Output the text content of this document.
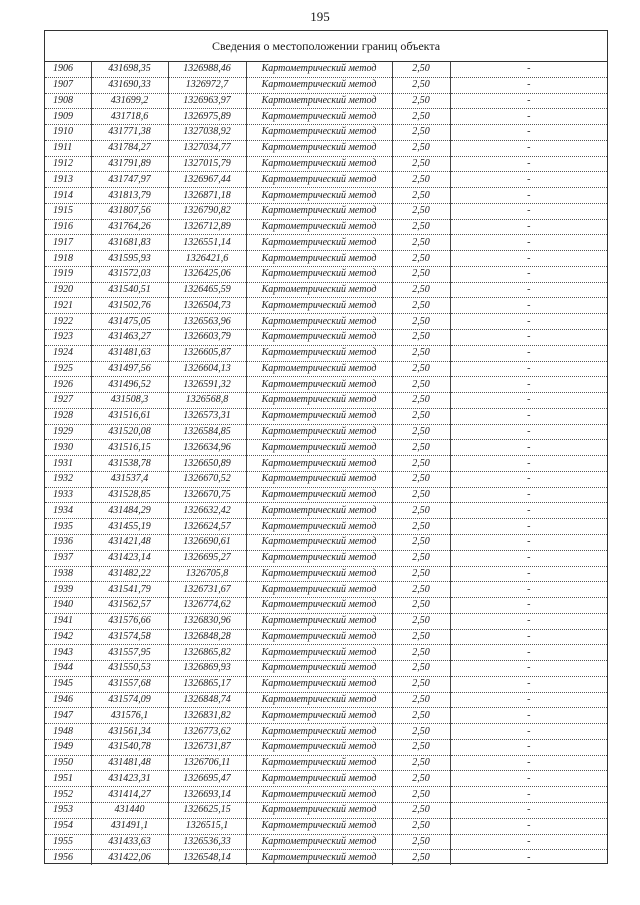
195
Сведения о местоположении границ объекта
1906	431698,35	1326988,46	Картометрический метод	2,50	-
1907	431690,33	1326972,7	Картометрический метод	2,50	-
1908	431699,2	1326963,97	Картометрический метод	2,50	-
1909	431718,6	1326975,89	Картометрический метод	2,50	-
1910	431771,38	1327038,92	Картометрический метод	2,50	-
1911	431784,27	1327034,77	Картометрический метод	2,50	-
1912	431791,89	1327015,79	Картометрический метод	2,50	-
1913	431747,97	1326967,44	Картометрический метод	2,50	-
1914	431813,79	1326871,18	Картометрический метод	2,50	-
1915	431807,56	1326790,82	Картометрический метод	2,50	-
1916	431764,26	1326712,89	Картометрический метод	2,50	-
1917	431681,83	1326551,14	Картометрический метод	2,50	-
1918	431595,93	1326421,6	Картометрический метод	2,50	-
1919	431572,03	1326425,06	Картометрический метод	2,50	-
1920	431540,51	1326465,59	Картометрический метод	2,50	-
1921	431502,76	1326504,73	Картометрический метод	2,50	-
1922	431475,05	1326563,96	Картометрический метод	2,50	-
1923	431463,27	1326603,79	Картометрический метод	2,50	-
1924	431481,63	1326605,87	Картометрический метод	2,50	-
1925	431497,56	1326604,13	Картометрический метод	2,50	-
1926	431496,52	1326591,32	Картометрический метод	2,50	-
1927	431508,3	1326568,8	Картометрический метод	2,50	-
1928	431516,61	1326573,31	Картометрический метод	2,50	-
1929	431520,08	1326584,85	Картометрический метод	2,50	-
1930	431516,15	1326634,96	Картометрический метод	2,50	-
1931	431538,78	1326650,89	Картометрический метод	2,50	-
1932	431537,4	1326670,52	Картометрический метод	2,50	-
1933	431528,85	1326670,75	Картометрический метод	2,50	-
1934	431484,29	1326632,42	Картометрический метод	2,50	-
1935	431455,19	1326624,57	Картометрический метод	2,50	-
1936	431421,48	1326690,61	Картометрический метод	2,50	-
1937	431423,14	1326695,27	Картометрический метод	2,50	-
1938	431482,22	1326705,8	Картометрический метод	2,50	-
1939	431541,79	1326731,67	Картометрический метод	2,50	-
1940	431562,57	1326774,62	Картометрический метод	2,50	-
1941	431576,66	1326830,96	Картометрический метод	2,50	-
1942	431574,58	1326848,28	Картометрический метод	2,50	-
1943	431557,95	1326865,82	Картометрический метод	2,50	-
1944	431550,53	1326869,93	Картометрический метод	2,50	-
1945	431557,68	1326865,17	Картометрический метод	2,50	-
1946	431574,09	1326848,74	Картометрический метод	2,50	-
1947	431576,1	1326831,82	Картометрический метод	2,50	-
1948	431561,34	1326773,62	Картометрический метод	2,50	-
1949	431540,78	1326731,87	Картометрический метод	2,50	-
1950	431481,48	1326706,11	Картометрический метод	2,50	-
1951	431423,31	1326695,47	Картометрический метод	2,50	-
1952	431414,27	1326693,14	Картометрический метод	2,50	-
1953	431440	1326625,15	Картометрический метод	2,50	-
1954	431491,1	1326515,1	Картометрический метод	2,50	-
1955	431433,63	1326536,33	Картометрический метод	2,50	-
1956	431422,06	1326548,14	Картометрический метод	2,50	-
